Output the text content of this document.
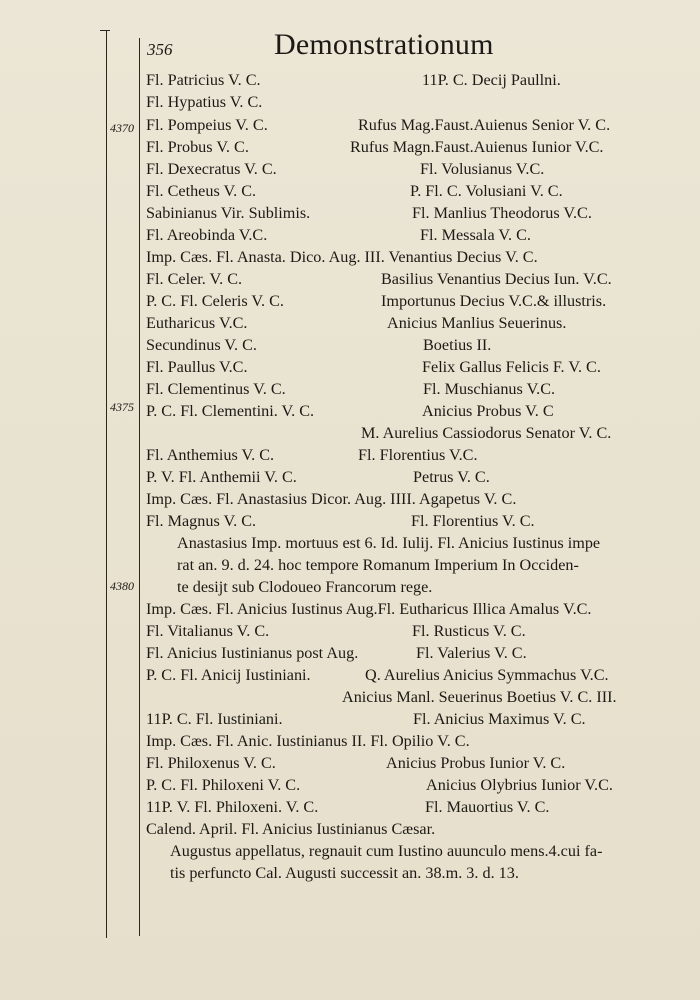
356	Demonstrationum
4370
4375
4380
Fl. Patricius V. C.	11P. C. Decij Paullni.
Fl. Hypatius V. C.
Fl. Pompeius V. C.	Rufus Mag.Faust.Auienus Senior V. C.
Fl. Probus V. C.	Rufus Magn.Faust.Auienus Iunior V.C.
Fl. Dexecratus V. C.	Fl. Volusianus V.C.
Fl. Cetheus V. C.	P. Fl. C. Volusiani V. C.
Sabinianus Vir. Sublimis.	Fl. Manlius Theodorus V.C.
Fl. Areobinda V.C.	Fl. Messala V. C.
Imp. Cæs. Fl. Anasta. Dico. Aug. III. Venantius Decius V. C.
Fl. Celer. V. C.	Basilius Venantius Decius Iun. V.C.
P. C. Fl. Celeris V. C.	Importunus Decius V.C.& illustris.
Eutharicus V.C.	Anicius Manlius Seuerinus.
Secundinus V. C.	Boetius II.
Fl. Paullus V.C.	Felix Gallus Felicis F. V. C.
Fl. Clementinus V. C.	Fl. Muschianus V.C.
P. C. Fl. Clementini. V. C.	Anicius Probus V. C
M. Aurelius Cassiodorus Senator V. C.
Fl. Anthemius V. C.	Fl. Florentius V.C.
P. V. Fl. Anthemii V. C.	Petrus V. C.
Imp. Cæs. Fl. Anastasius Dicor. Aug. IIII. Agapetus V. C.
Fl. Magnus V. C.	Fl. Florentius V. C.
Anastasius Imp. mortuus est 6. Id. Iulij. Fl. Anicius Iustinus impe
rat an. 9. d. 24. hoc tempore Romanum Imperium In Occiden-
te desijt sub Clodoueo Francorum rege.
Imp. Cæs. Fl. Anicius Iustinus Aug.Fl. Eutharicus Illica Amalus V.C.
Fl. Vitalianus V. C.	Fl. Rusticus V. C.
Fl. Anicius Iustinianus post Aug.	Fl. Valerius V. C.
P. C. Fl. Anicij Iustiniani.	Q. Aurelius Anicius Symmachus V.C.
Anicius Manl. Seuerinus Boetius V. C. III.
11P. C. Fl. Iustiniani.	Fl. Anicius Maximus V. C.
Imp. Cæs. Fl. Anic. Iustinianus II. Fl. Opilio V. C.
Fl. Philoxenus V. C.	Anicius Probus Iunior V. C.
P. C. Fl. Philoxeni V. C.	Anicius Olybrius Iunior V.C.
11P. V. Fl. Philoxeni. V. C.	Fl. Mauortius V. C.
Calend. April. Fl. Anicius Iustinianus Cæsar.
Augustus appellatus, regnauit cum Iustino auunculo mens.4.cui fa-
tis perfuncto Cal. Augusti successit an. 38.m. 3. d. 13.
